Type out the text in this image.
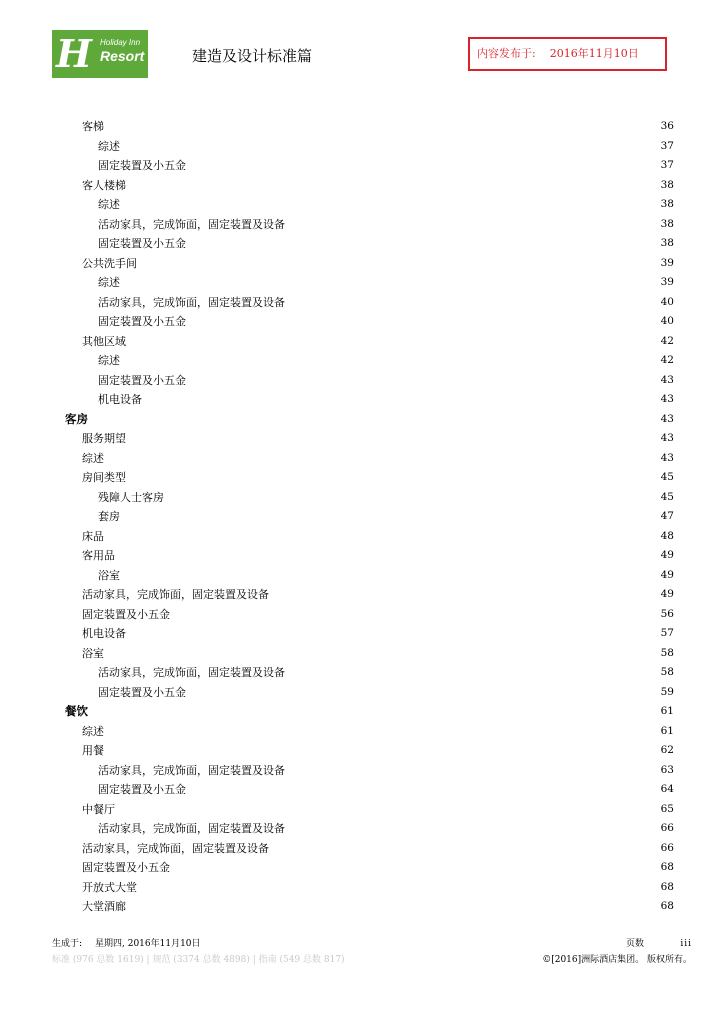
H Holiday Inn
Resort	建造及设计标准篇	内容发布于: 2016年11月10日
客梯	36
综述	37
固定装置及小五金	37
客人楼梯	38
综述	38
活动家具，完成饰面，固定装置及设备	38
固定装置及小五金	38
公共洗手间	39
综述	39
活动家具，完成饰面，固定装置及设备	40
固定装置及小五金	40
其他区域	42
综述	42
固定装置及小五金	43
机电设备	43
客房	43
服务期望	43
综述	43
房间类型	45
残障人士客房	45
套房	47
床品	48
客用品	49
浴室	49
活动家具，完成饰面，固定装置及设备	49
固定装置及小五金	56
机电设备	57
浴室	58
活动家具，完成饰面，固定装置及设备	58
固定装置及小五金	59
餐饮	61
综述	61
用餐	62
活动家具，完成饰面，固定装置及设备	63
固定装置及小五金	64
中餐厅	65
活动家具，完成饰面，固定装置及设备	66
活动家具，完成饰面，固定装置及设备	66
固定装置及小五金	68
开放式大堂	68
大堂酒廊	68
生成于: 星期四, 2016年11月10日	页数	iii
标准 (976 总数 1619) | 规范 (3374 总数 4898) | 指南 (549 总数 817)	©[2016]洲际酒店集团。 版权所有。
